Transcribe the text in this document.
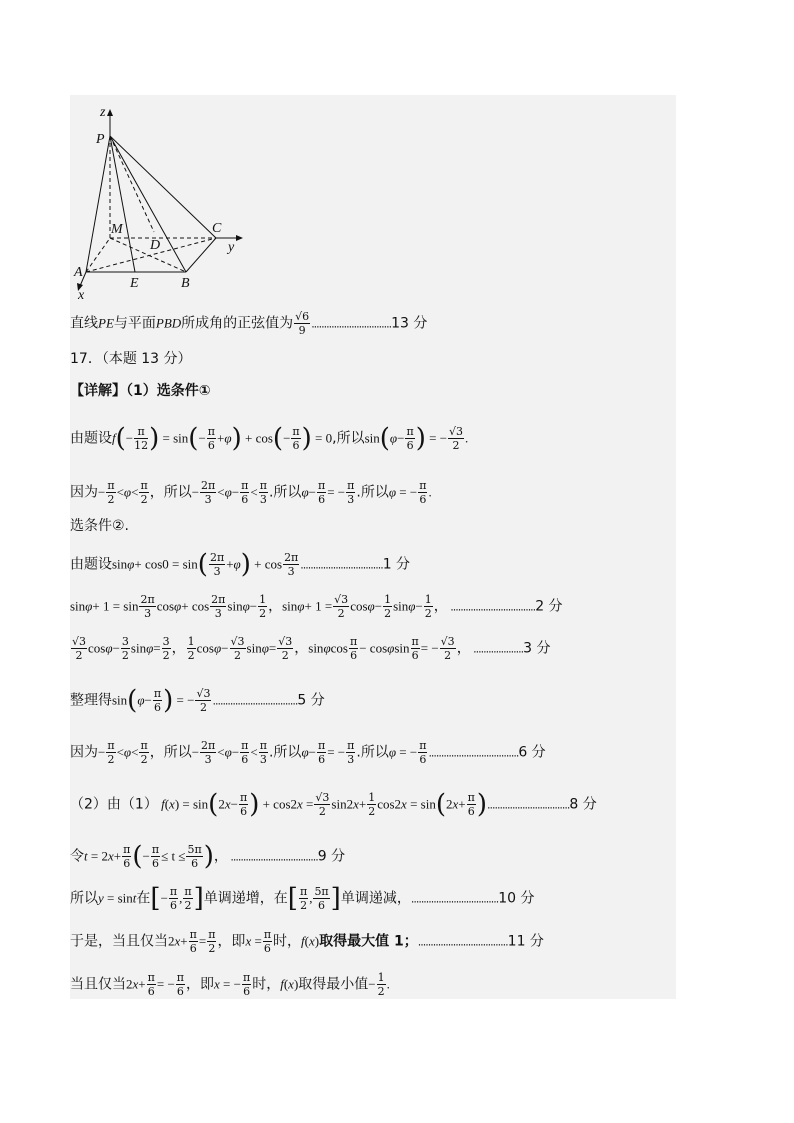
z
P
M
D
C
y
A
E	B
x
直线PE与平面PBD所成角的正弦值为 $\frac{√6}{9} ................................13$ 分
17．（本题 13 分）
【详解】（1）选条件①
由题设$f(- \frac{\pi}{12}$ ) = $\sin(- \frac{\pi}{6} +\varphi) + \cos(- \frac{\pi}{6}$ ) = 0,所以$\sin(\varphi- \frac{\pi}{6}$ ) = − $\frac{√3}{2}$ .
因为− $\frac{\pi}{2} <\varphi< \frac{\pi}{2}$ ，所以− $\frac{2\pi}{3} <\varphi- \frac{\pi}{6} < \frac{\pi}{3}$ .所以$\varphi- \frac{\pi}{6}$ = − $\frac{\pi}{3}$ .所以φ = − $\frac{\pi}{6}$ .
选条件②.
由题设$\sin\varphi+ \cos 0 = \sin( \frac{2\pi}{3} +\varphi) + \cos \frac{2\pi}{3} .................................1$ 分
$\sin\varphi+ 1 = \sin \frac{2\pi}{3} \cos\varphi+ \cos \frac{2\pi}{3} \sin\varphi- \frac{1}{2}$ ，$\sin\varphi+ 1 = \frac{√3}{2} \cos\varphi- \frac{1}{2} \sin\varphi- \frac{1}{2}$ ， ..................................2 分
$\frac{√3}{2} \cos\varphi- \frac{3}{2} \sin\varphi= \frac{3}{2}$ ， $\frac{1}{2} \cos\varphi- \frac{√3}{2} \sin\varphi= \frac{√3}{2}$ ，sinφcos $\frac{\pi}{6} - \cos\varphi\sin \frac{\pi}{6}$ = − $\frac{√3}{2}$ ， ....................3 分
整理得$\sin(\varphi- \frac{\pi}{6}$ ) = − $\frac{√3}{2} ..................................5$ 分
因为− $\frac{\pi}{2} <\varphi< \frac{\pi}{2}$ ，所以− $\frac{2\pi}{3} <\varphi- \frac{\pi}{6} < \frac{\pi}{3}$ .所以$\varphi- \frac{\pi}{6}$ = − $\frac{\pi}{3}$ .所以φ = − $\frac{\pi}{6} ....................................6$ 分
（2）由（1） $f(x) = \sin(2x- \frac{\pi}{6}$ ) + $\cos 2x = \frac{√3}{2} \sin 2x+ \frac{1}{2} \cos 2x = \sin(2x+ \frac{\pi}{6} ).................................8$ 分
令$t = 2x+ \frac{\pi}{6}$ (− $\frac{\pi}{6} \le t \le \frac{5\pi}{6}$ )， ...................................9 分
所以y = sint在[− $\frac{\pi}{6}$ , $\frac{\pi}{2}$ ]单调递增，在[ $\frac{\pi}{2}$ , $\frac{5\pi}{6}$ ]单调递减，...................................10 分
于是，当且仅当$2x+ \frac{\pi}{6} = \frac{\pi}{2}$ ，即$x = \frac{\pi}{6}$ 时，f(x)取得最大值 1；....................................11 分
当且仅当$2x+ \frac{\pi}{6}$ = − $\frac{\pi}{6}$ ，即x = − $\frac{\pi}{6}$ 时，f(x)取得最小值− $\frac{1}{2}$ .
